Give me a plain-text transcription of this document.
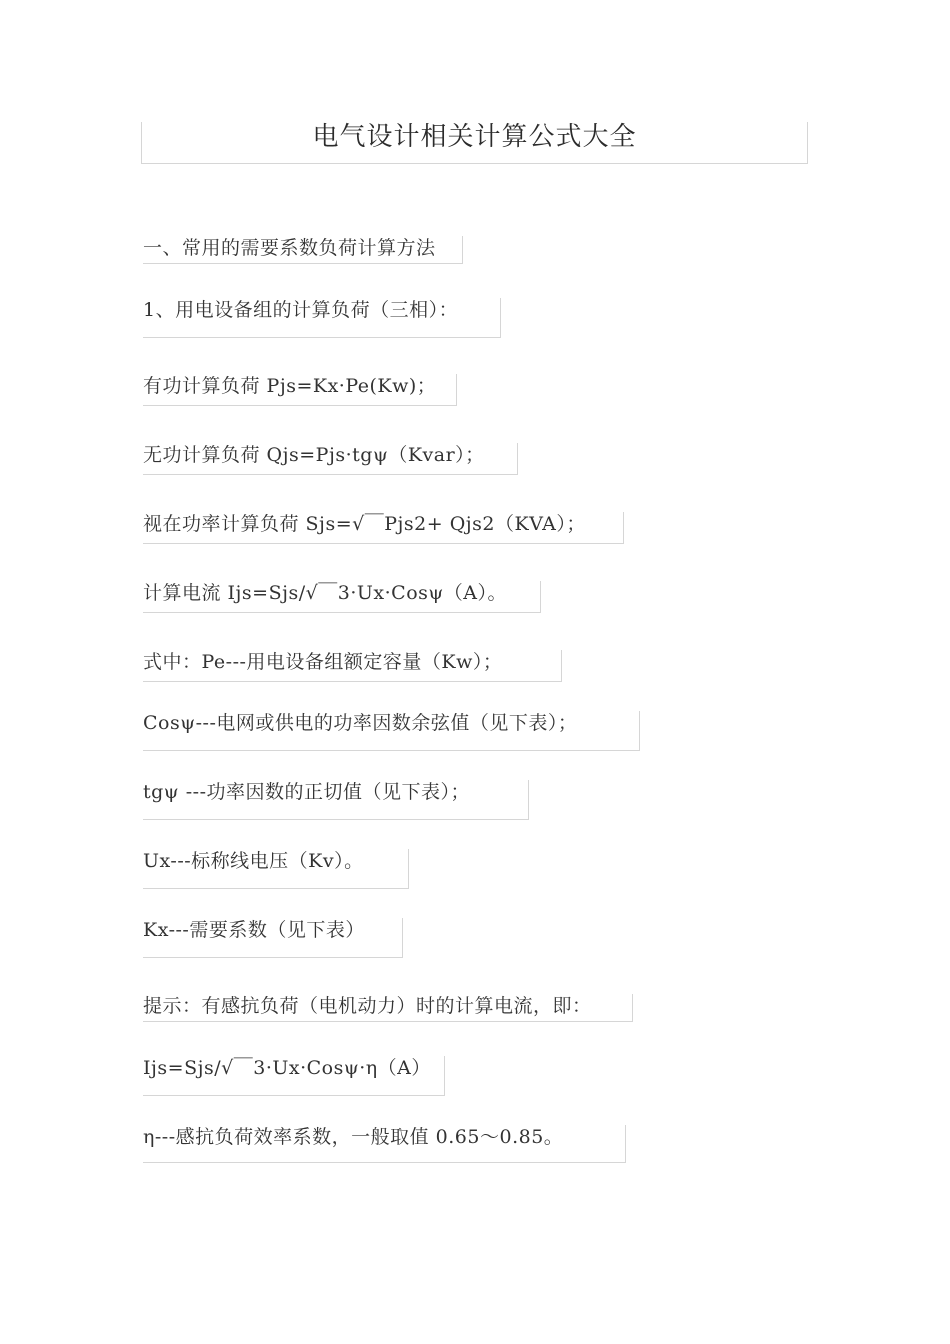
电气设计相关计算公式大全
一、常用的需要系数负荷计算方法
1、用电设备组的计算负荷（三相）：
有功计算负荷 Pjs=Kx·Pe(Kw)；
无功计算负荷 Qjs=Pjs·tgψ（Kvar）；
视在功率计算负荷 Sjs=√￣Pjs2+ Qjs2（KVA）；
计算电流 Ijs=Sjs/√￣3·Ux·Cosψ（A）。
式中：Pe---用电设备组额定容量（Kw）；
Cosψ---电网或供电的功率因数余弦值（见下表）；
tgψ ---功率因数的正切值（见下表）；
Ux---标称线电压（Kv）。
Kx---需要系数（见下表）
提示：有感抗负荷（电机动力）时的计算电流，即：
Ijs=Sjs/√￣3·Ux·Cosψ·η（A）
η---感抗负荷效率系数，一般取值 0.65～0.85。
